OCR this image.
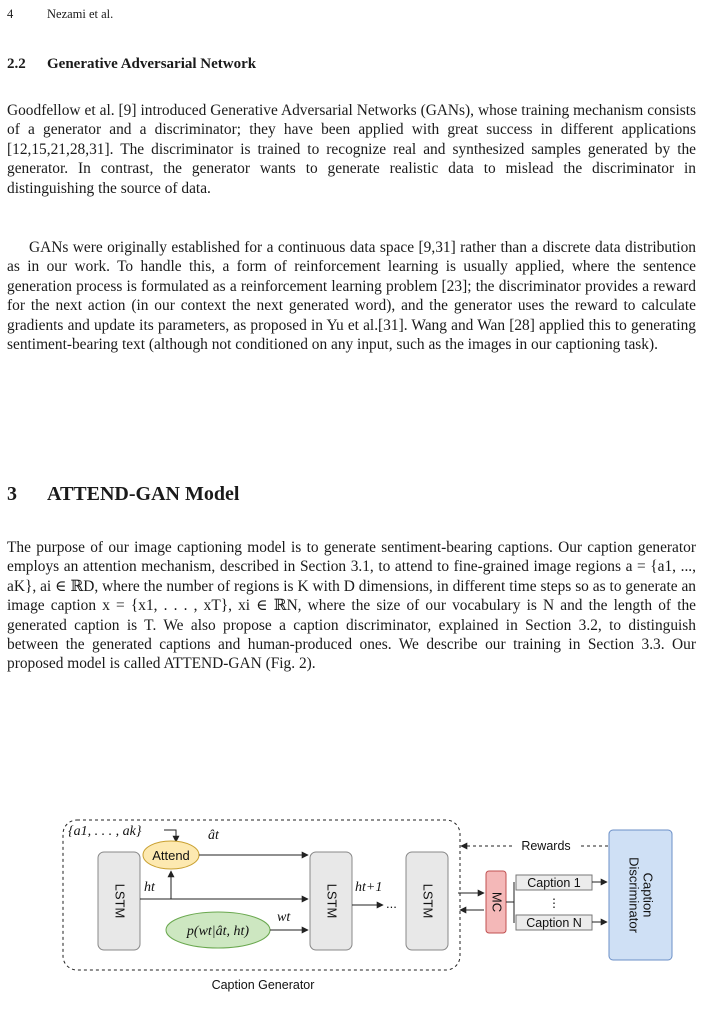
4	Nezami et al.
2.2 Generative Adversarial Network

Goodfellow et al. [9] introduced Generative Adversarial Networks (GANs), whose training mechanism consists of a generator and a discriminator; they have been applied with great success in different applications [12,15,21,28,31]. The discriminator is trained to recognize real and synthesized samples generated by the generator. In contrast, the generator wants to generate realistic data to mislead the discriminator in distinguishing the source of data.

GANs were originally established for a continuous data space [9,31] rather than a discrete data distribution as in our work. To handle this, a form of reinforcement learning is usually applied, where the sentence generation process is formulated as a reinforcement learning problem [23]; the discriminator provides a reward for the next action (in our context the next generated word), and the generator uses the reward to calculate gradients and update its parameters, as proposed in Yu et al.[31]. Wang and Wan [28] applied this to generating sentiment-bearing text (although not conditioned on any input, such as the images in our captioning task).

3 ATTEND-GAN Model

The purpose of our image captioning model is to generate sentiment-bearing captions. Our caption generator employs an attention mechanism, described in Section 3.1, to attend to fine-grained image regions a = {a1, ..., aK}, ai ∈ ℝD, where the number of regions is K with D dimensions, in different time steps so as to generate an image caption x = {x1, . . . , xT}, xi ∈ ℝN, where the size of our vocabulary is N and the length of the generated caption is T. We also propose a caption discriminator, explained in Section 3.2, to distinguish between the generated captions and human-produced ones. We describe our training in Section 3.3. Our proposed model is called ATTEND-GAN (Fig. 2).

{a1, . . . , ak}
LSTM
Attend
ât
ht
p(wt|ât, ht)
wt	LSTM ht+1
... LSTM	MC
Caption 1
⋮
Caption N
Caption
Discriminator
Rewards
Caption Generator
